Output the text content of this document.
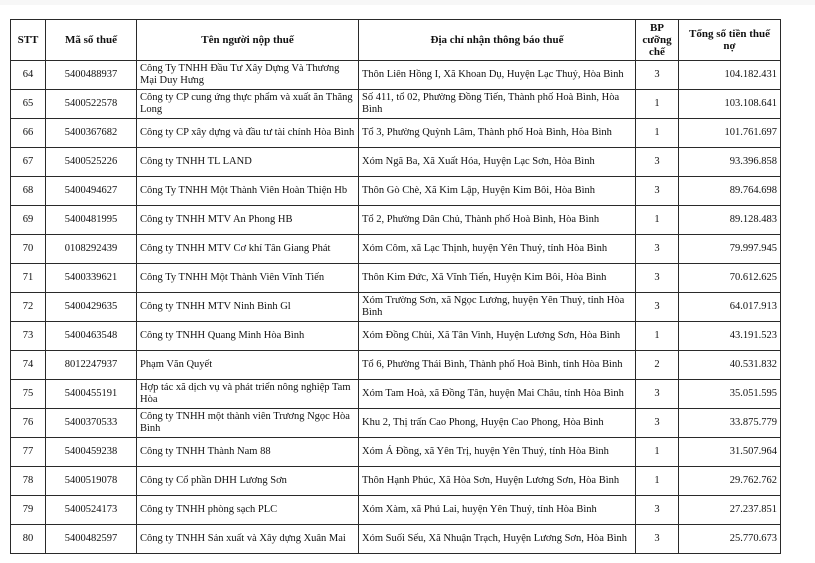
STT	Mã số thuế	Tên người nộp thuế	Địa chỉ nhận thông báo thuế	BP cưỡng chế	Tổng số tiền thuế nợ
64	5400488937	Công Ty TNHH Đầu Tư Xây Dựng Và Thương Mại Duy Hưng	Thôn Liên Hồng I, Xã Khoan Dụ, Huyện Lạc Thuỷ, Hòa Bình	3	104.182.431
65	5400522578	Công ty CP cung ứng thực phẩm và xuất ăn Thăng Long	Số 411, tổ 02, Phường Đồng Tiến, Thành phố Hoà Bình, Hòa Bình	1	103.108.641
66	5400367682	Công ty CP xây dựng và đầu tư tài chính Hòa Bình	Tổ 3, Phường Quỳnh Lâm, Thành phố Hoà Bình, Hòa Bình	1	101.761.697
67	5400525226	Công ty TNHH TL LAND	Xóm Ngã Ba, Xã Xuất Hóa, Huyện Lạc Sơn, Hòa Bình	3	93.396.858
68	5400494627	Công Ty TNHH Một Thành Viên Hoàn Thiện Hb	Thôn Gò Chè, Xã Kim Lập, Huyện Kim Bôi, Hòa Bình	3	89.764.698
69	5400481995	Công ty TNHH MTV An Phong HB	Tổ 2, Phường Dân Chủ, Thành phố Hoà Bình, Hòa Bình	1	89.128.483
70	0108292439	Công ty TNHH MTV Cơ khí Tân Giang Phát	Xóm Côm, xã Lạc Thịnh, huyện Yên Thuỷ, tỉnh Hòa Bình	3	79.997.945
71	5400339621	Công Ty TNHH Một Thành Viên Vĩnh Tiến	Thôn Kim Đức, Xã Vĩnh Tiến, Huyện Kim Bôi, Hòa Bình	3	70.612.625
72	5400429635	Công ty TNHH MTV Ninh Bình Gl	Xóm Trường Sơn, xã Ngọc Lương, huyện Yên Thuỷ, tỉnh Hòa Bình	3	64.017.913
73	5400463548	Công ty TNHH Quang Minh Hòa Bình	Xóm Đồng Chùi, Xã Tân Vinh, Huyện Lương Sơn, Hòa Bình	1	43.191.523
74	8012247937	Phạm Văn Quyết	Tổ 6, Phường Thái Bình, Thành phố Hoà Bình, tỉnh Hòa Bình	2	40.531.832
75	5400455191	Hợp tác xã dịch vụ và phát triển nông nghiệp Tam Hòa	Xóm Tam Hoà, xã Đồng Tân, huyện Mai Châu, tỉnh Hòa Bình	3	35.051.595
76	5400370533	Công ty TNHH một thành viên Trương Ngọc Hòa Bình	Khu 2, Thị trấn Cao Phong, Huyện Cao Phong, Hòa Bình	3	33.875.779
77	5400459238	Công ty TNHH Thành Nam 88	Xóm Á Đồng, xã Yên Trị, huyện Yên Thuỷ, tỉnh Hòa Bình	1	31.507.964
78	5400519078	Công ty Cổ phần DHH Lương Sơn	Thôn Hạnh Phúc, Xã Hòa Sơn, Huyện Lương Sơn, Hòa Bình	1	29.762.762
79	5400524173	Công ty TNHH phòng sạch PLC	Xóm Xàm, xã Phú Lai, huyện Yên Thuỷ, tỉnh Hòa Bình	3	27.237.851
80	5400482597	Công ty TNHH Sản xuất và Xây dựng Xuân Mai	Xóm Suối Sếu, Xã Nhuận Trạch, Huyện Lương Sơn, Hòa Bình	3	25.770.673
